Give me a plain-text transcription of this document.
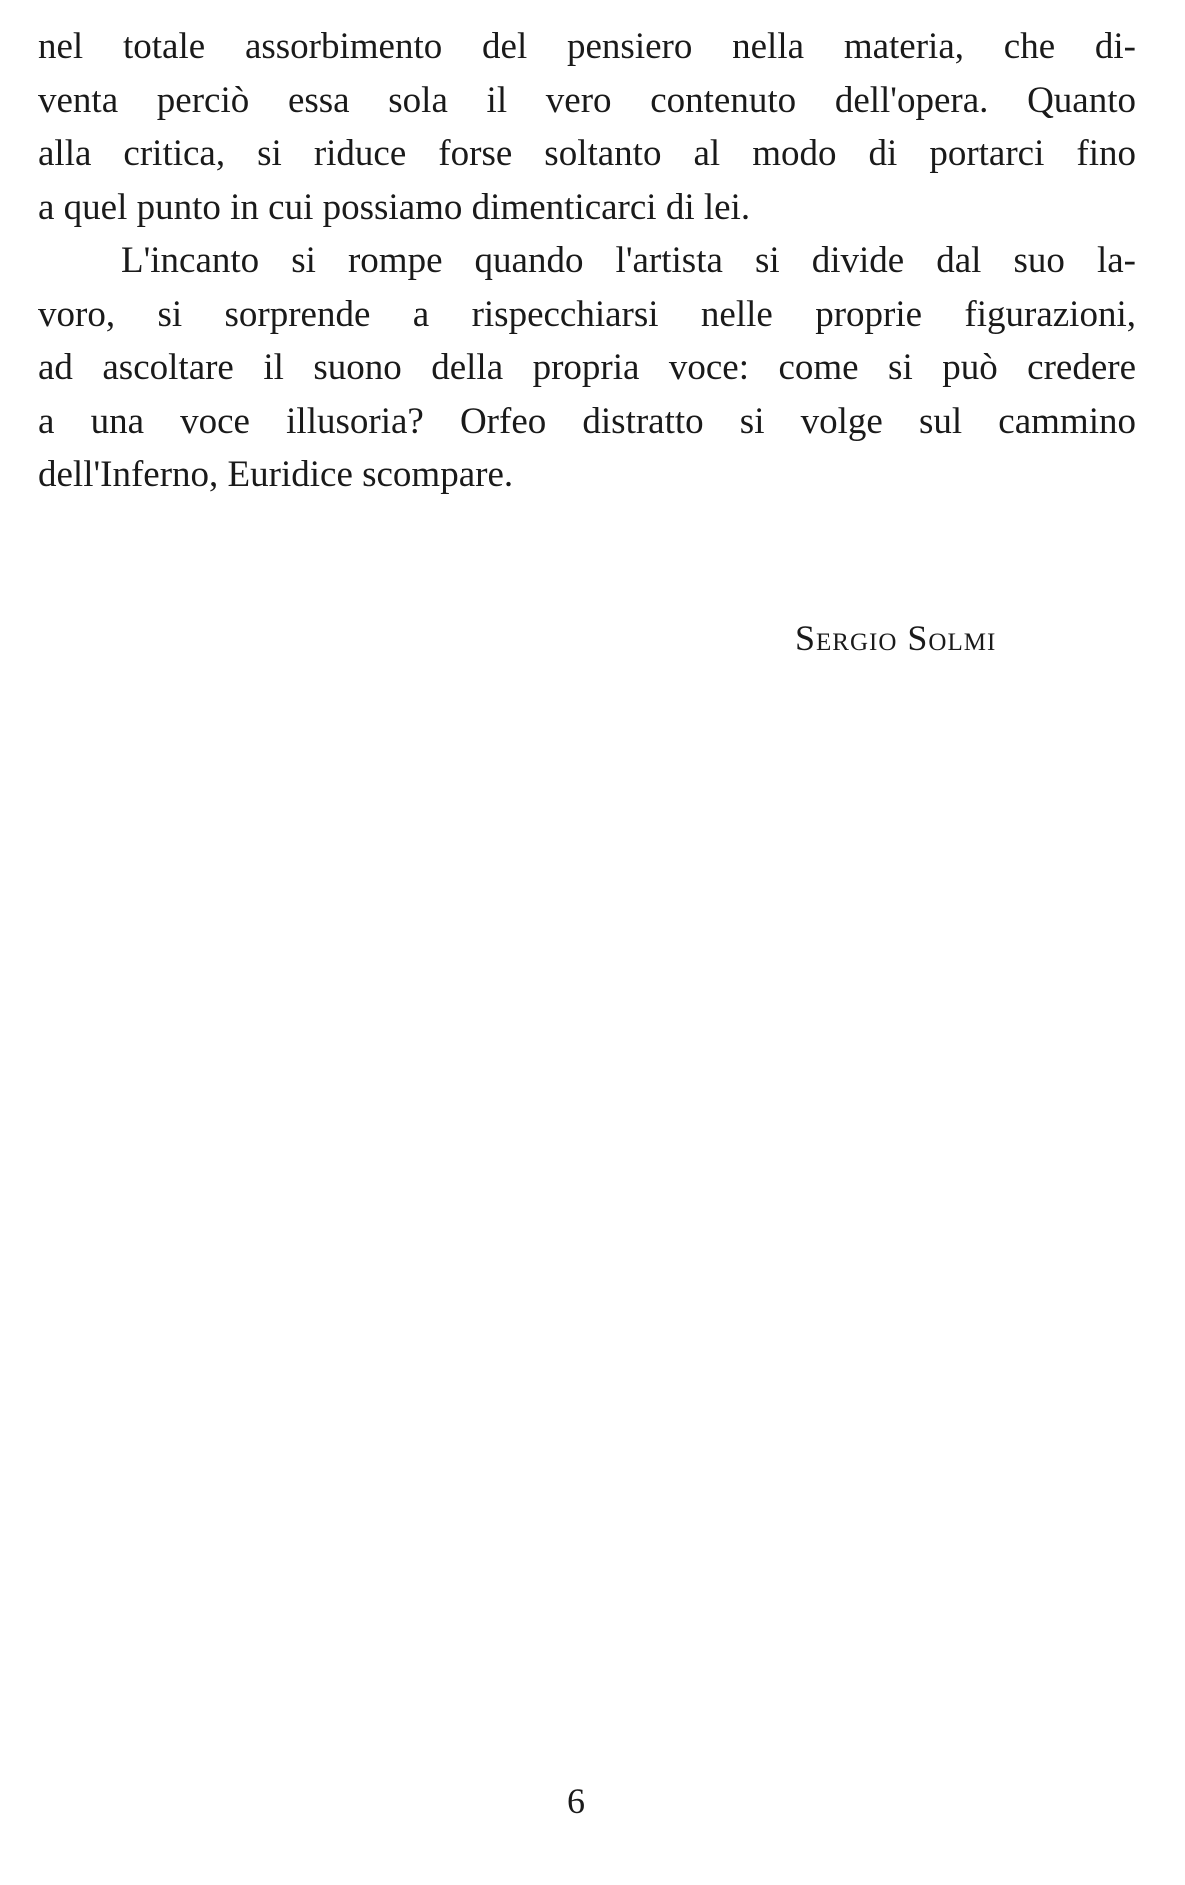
nel totale assorbimento del pensiero nella materia, che di-
venta perciò essa sola il vero contenuto dell'opera. Quanto
alla critica, si riduce forse soltanto al modo di portarci fino
a quel punto in cui possiamo dimenticarci di lei.
L'incanto si rompe quando l'artista si divide dal suo la-
voro, si sorprende a rispecchiarsi nelle proprie figurazioni,
ad ascoltare il suono della propria voce: come si può credere
a una voce illusoria? Orfeo distratto si volge sul cammino
dell'Inferno, Euridice scompare.
Sergio Solmi
6
